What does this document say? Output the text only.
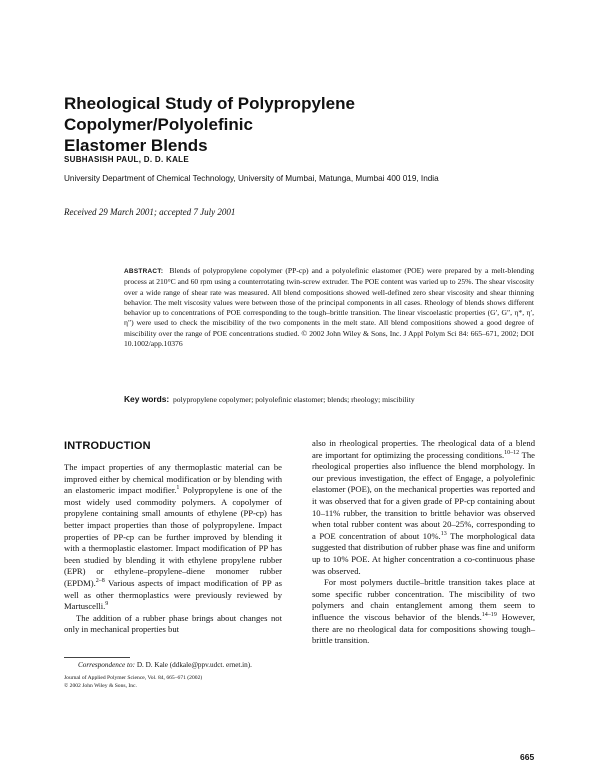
Rheological Study of Polypropylene Copolymer/Polyolefinic
Elastomer Blends
SUBHASISH PAUL, D. D. KALE
University Department of Chemical Technology, University of Mumbai, Matunga, Mumbai 400 019, India
Received 29 March 2001; accepted 7 July 2001
ABSTRACT: Blends of polypropylene copolymer (PP-cp) and a polyolefinic elastomer (POE) were prepared by a melt-blending process at 210°C and 60 rpm using a counterrotating twin-screw extruder. The POE content was varied up to 25%. The shear viscosity over a wide range of shear rate was measured. All blend compositions showed well-defined zero shear viscosity and shear thinning behavior. The melt viscosity values were between those of the principal components in all cases. Rheology of blends shows different behavior up to concentrations of POE corresponding to the tough–brittle transition. The linear viscoelastic properties (G′, G″, η*, η′, η″) were used to check the miscibility of the two components in the melt state. All blend compositions showed a good degree of miscibility over the range of POE concentrations studied. © 2002 John Wiley & Sons, Inc. J Appl Polym Sci 84: 665–671, 2002; DOI 10.1002/app.10376
Key words: polypropylene copolymer; polyolefinic elastomer; blends; rheology; miscibility
INTRODUCTION

The impact properties of any thermoplastic material can be improved either by chemical modification or by blending with an elastomeric impact modifier.$^1$ Polypropylene is one of the most widely used commodity polymers. A copolymer of propylene containing small amounts of ethylene (PP-cp) has better impact properties than those of polypropylene. Impact properties of PP-cp can be further improved by blending it with a thermoplastic elastomer. Impact modification of PP has been studied by blending it with ethylene propylene rubber (EPR) or ethylene–propylene–diene monomer rubber (EPDM).$^{2-8}$ Various aspects of impact modification of PP as well as other thermoplastics were previously reviewed by Martuscelli.$^9$

The addition of a rubber phase brings about changes not only in mechanical properties but

also in rheological properties. The rheological data of a blend are important for optimizing the processing conditions.$^{10-12}$ The rheological properties also influence the blend morphology. In our previous investigation, the effect of Engage, a polyolefinic elastomer (POE), on the mechanical properties was reported and it was observed that for a given grade of PP-cp containing about 10–11% rubber, the transition to brittle behavior was observed when total rubber content was about 20–25%, corresponding to a POE concentration of about 10%.$^{13}$ The morphological data suggested that distribution of rubber phase was fine and uniform up to 10% POE. At higher concentration a co-continuous phase was observed.

For most polymers ductile–brittle transition takes place at some specific rubber concentration. The miscibility of two polymers and chain entanglement among them seem to influence the viscous behavior of the blends.$^{14-19}$ However, there are no rheological data for compositions showing tough–brittle transition.

Correspondence to: D. D. Kale (ddkale@ppv.udct. ernet.in).
Journal of Applied Polymer Science, Vol. 84, 665–671 (2002)
© 2002 John Wiley & Sons, Inc.
665
